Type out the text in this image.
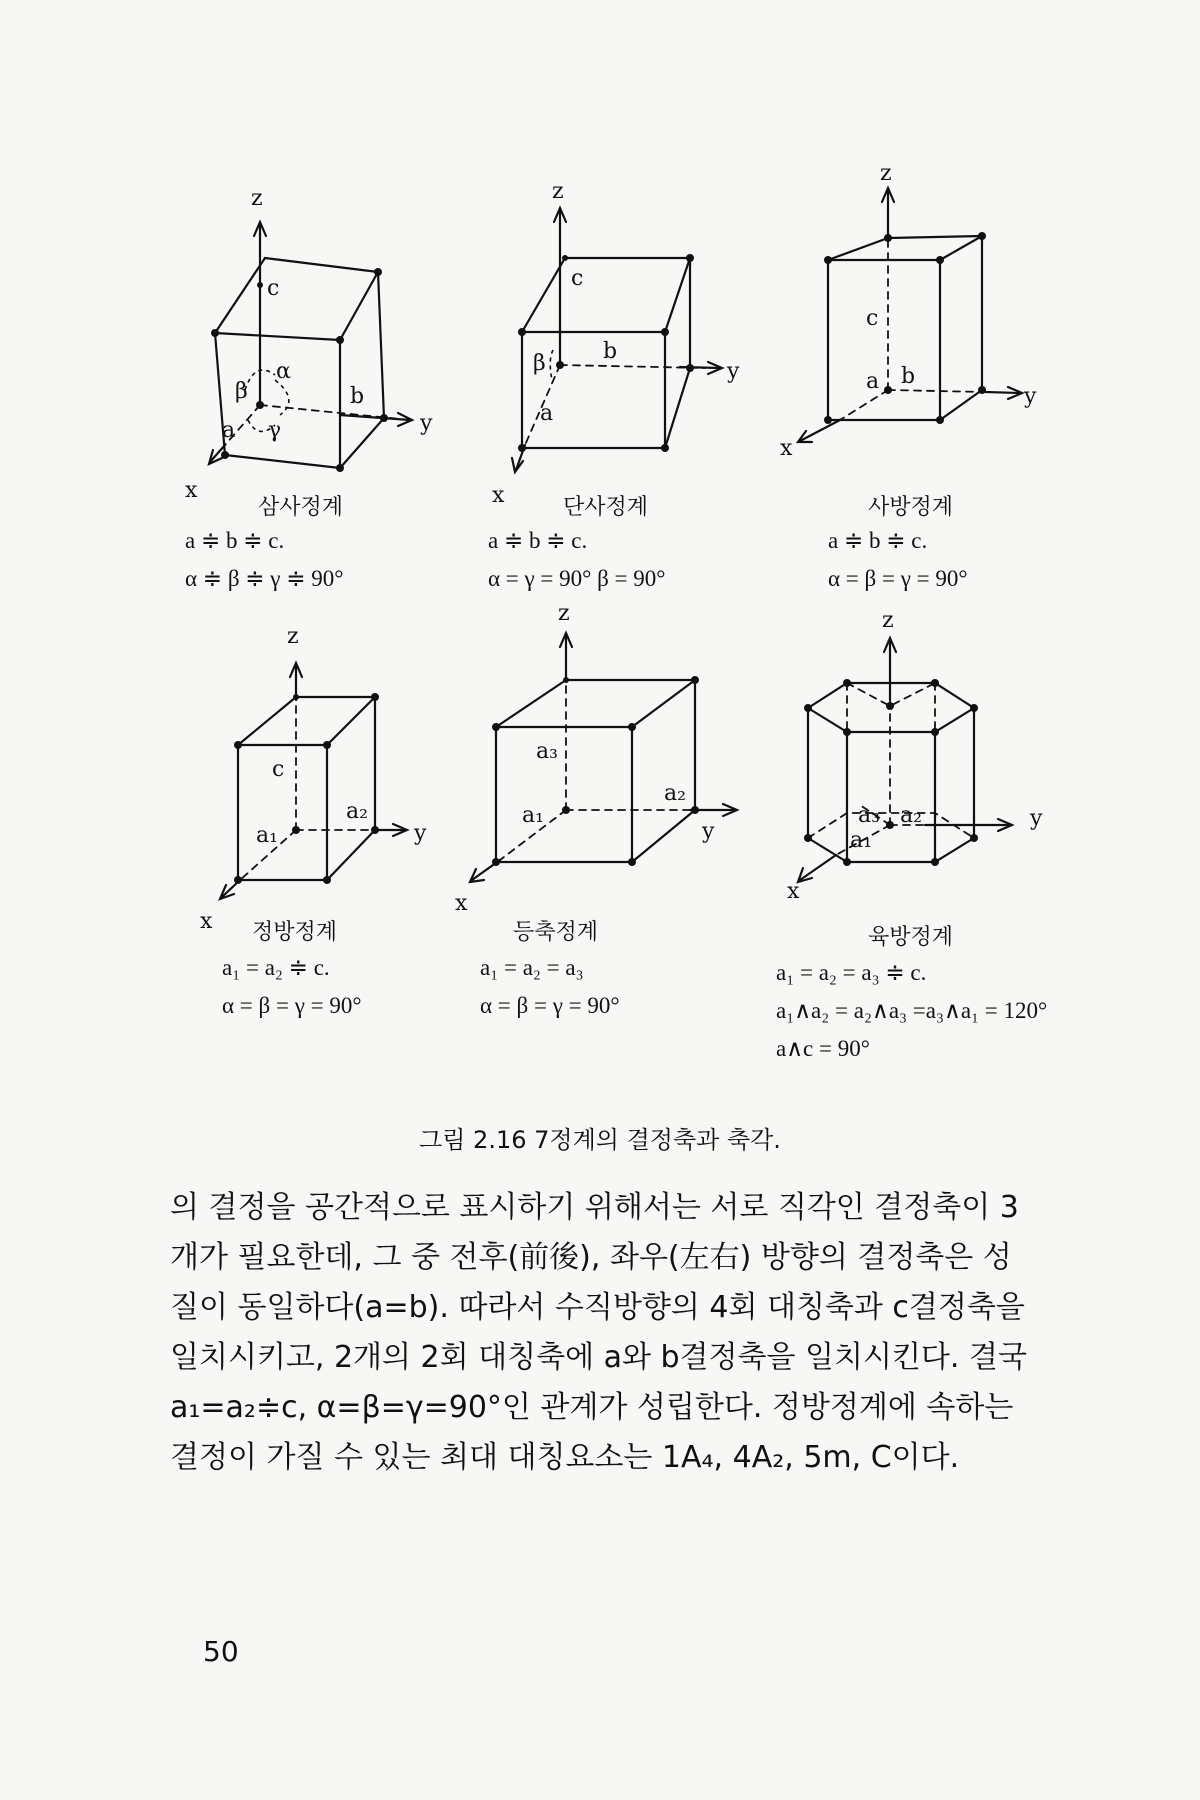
z
y
x
c
b
a
α
β
γ
z
y
x
c
b
a
β
z
y
x
c
a b
z
y
x
c
a₁
a₂
z
y
x
a₃
a₁
a₂
z
y
x
a₃ a₂
a₁
삼사정계
a ≑ b ≑ c.
α ≑ β ≑ γ ≑ 90°
단사정계
a ≑ b ≑ c.
α = γ = 90° β = 90°
사방정계
a ≑ b ≑ c.
α = β = γ = 90°
정방정계
a₁ = a₂ ≑ c.
α = β = γ = 90°
등축정계
a₁ = a₂ = a₃
α = β = γ = 90°
육방정계
a₁ = a₂ = a₃ ≑ c.
a₁∧a₂ = a₂∧a₃ =a₃∧a₁ = 120°
a∧c = 90°
그림 2.16 7정계의 결정축과 축각.

의 결정을 공간적으로 표시하기 위해서는 서로 직각인 결정축이 3

개가 필요한데, 그 중 전후(前後), 좌우(左右) 방향의 결정축은 성

질이 동일하다(a=b). 따라서 수직방향의 4회 대칭축과 c결정축을

일치시키고, 2개의 2회 대칭축에 a와 b결정축을 일치시킨다. 결국

a₁=a₂≑c, α=β=γ=90°인 관계가 성립한다. 정방정계에 속하는

결정이 가질 수 있는 최대 대칭요소는 1A₄, 4A₂, 5m, C이다.

50
